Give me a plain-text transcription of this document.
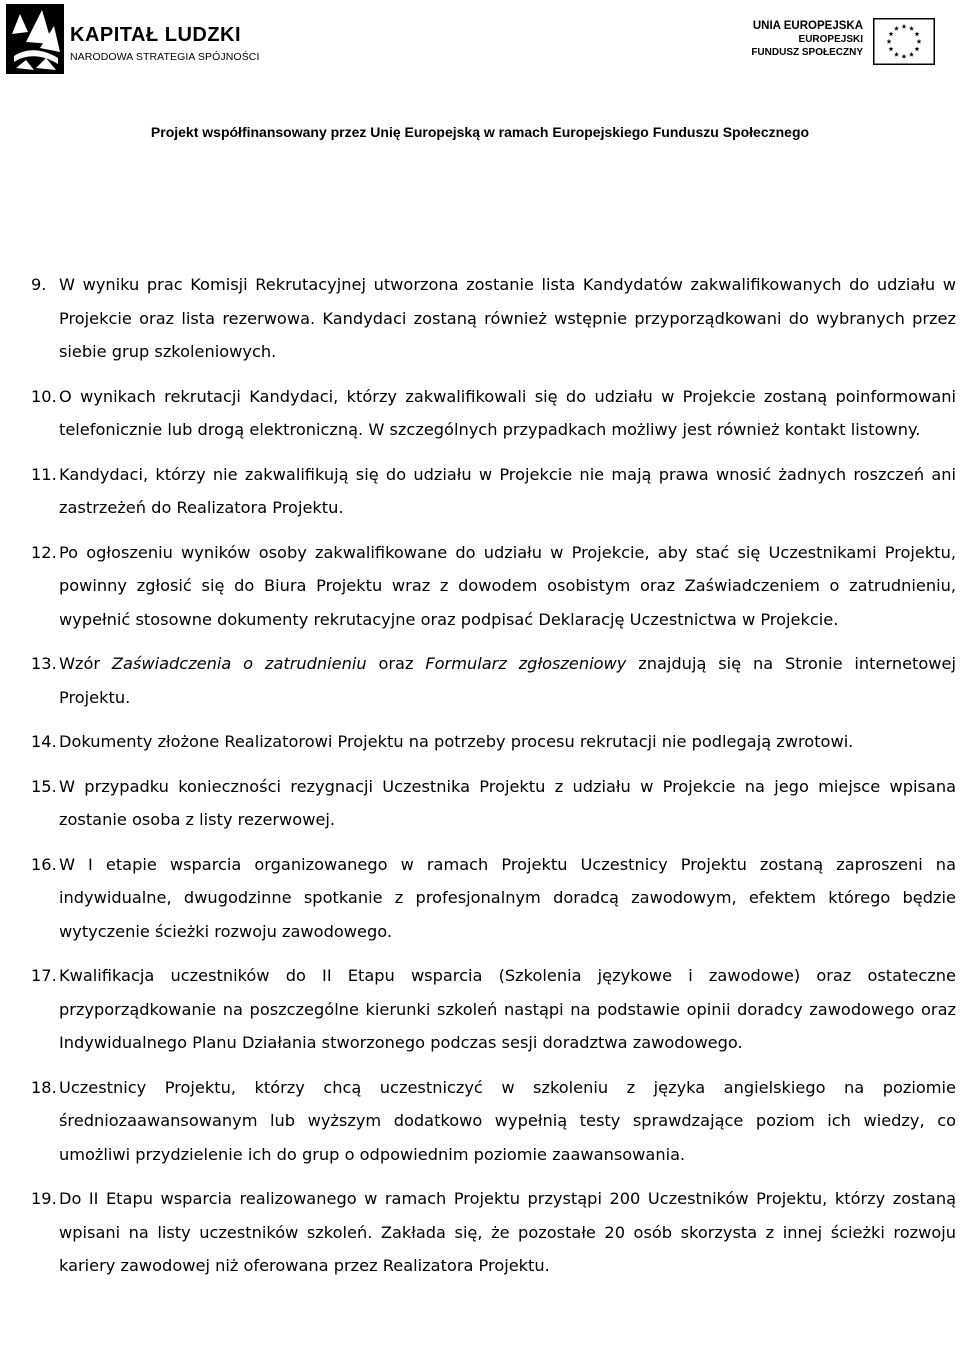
KAPITAŁ LUDZKI
NARODOWA STRATEGIA SPÓJNOŚCI
UNIA EUROPEJSKA
EUROPEJSKI
FUNDUSZ SPOŁECZNY
Projekt współfinansowany przez Unię Europejską w ramach Europejskiego Funduszu Społecznego
9. W wyniku prac Komisji Rekrutacyjnej utworzona zostanie lista Kandydatów zakwalifikowanych do udziału w Projekcie oraz lista rezerwowa. Kandydaci zostaną również wstępnie przyporządkowani do wybranych przez siebie grup szkoleniowych.
10. O wynikach rekrutacji Kandydaci, którzy zakwalifikowali się do udziału w Projekcie zostaną poinformowani telefonicznie lub drogą elektroniczną. W szczególnych przypadkach możliwy jest również kontakt listowny.
11. Kandydaci, którzy nie zakwalifikują się do udziału w Projekcie nie mają prawa wnosić żadnych roszczeń ani zastrzeżeń do Realizatora Projektu.
12. Po ogłoszeniu wyników osoby zakwalifikowane do udziału w Projekcie, aby stać się Uczestnikami Projektu, powinny zgłosić się do Biura Projektu wraz z dowodem osobistym oraz Zaświadczeniem o zatrudnieniu, wypełnić stosowne dokumenty rekrutacyjne oraz podpisać Deklarację Uczestnictwa w Projekcie.
13. Wzór Zaświadczenia o zatrudnieniu oraz Formularz zgłoszeniowy znajdują się na Stronie internetowej Projektu.
14. Dokumenty złożone Realizatorowi Projektu na potrzeby procesu rekrutacji nie podlegają zwrotowi.
15. W przypadku konieczności rezygnacji Uczestnika Projektu z udziału w Projekcie na jego miejsce wpisana zostanie osoba z listy rezerwowej.
16. W I etapie wsparcia organizowanego w ramach Projektu Uczestnicy Projektu zostaną zaproszeni na indywidualne, dwugodzinne spotkanie z profesjonalnym doradcą zawodowym, efektem którego będzie wytyczenie ścieżki rozwoju zawodowego.
17. Kwalifikacja uczestników do II Etapu wsparcia (Szkolenia językowe i zawodowe) oraz ostateczne przyporządkowanie na poszczególne kierunki szkoleń nastąpi na podstawie opinii doradcy zawodowego oraz Indywidualnego Planu Działania stworzonego podczas sesji doradztwa zawodowego.
18. Uczestnicy Projektu, którzy chcą uczestniczyć w szkoleniu z języka angielskiego na poziomie średniozaawansowanym lub wyższym dodatkowo wypełnią testy sprawdzające poziom ich wiedzy, co umożliwi przydzielenie ich do grup o odpowiednim poziomie zaawansowania.
19. Do II Etapu wsparcia realizowanego w ramach Projektu przystąpi 200 Uczestników Projektu, którzy zostaną wpisani na listy uczestników szkoleń. Zakłada się, że pozostałe 20 osób skorzysta z innej ścieżki rozwoju kariery zawodowej niż oferowana przez Realizatora Projektu.
